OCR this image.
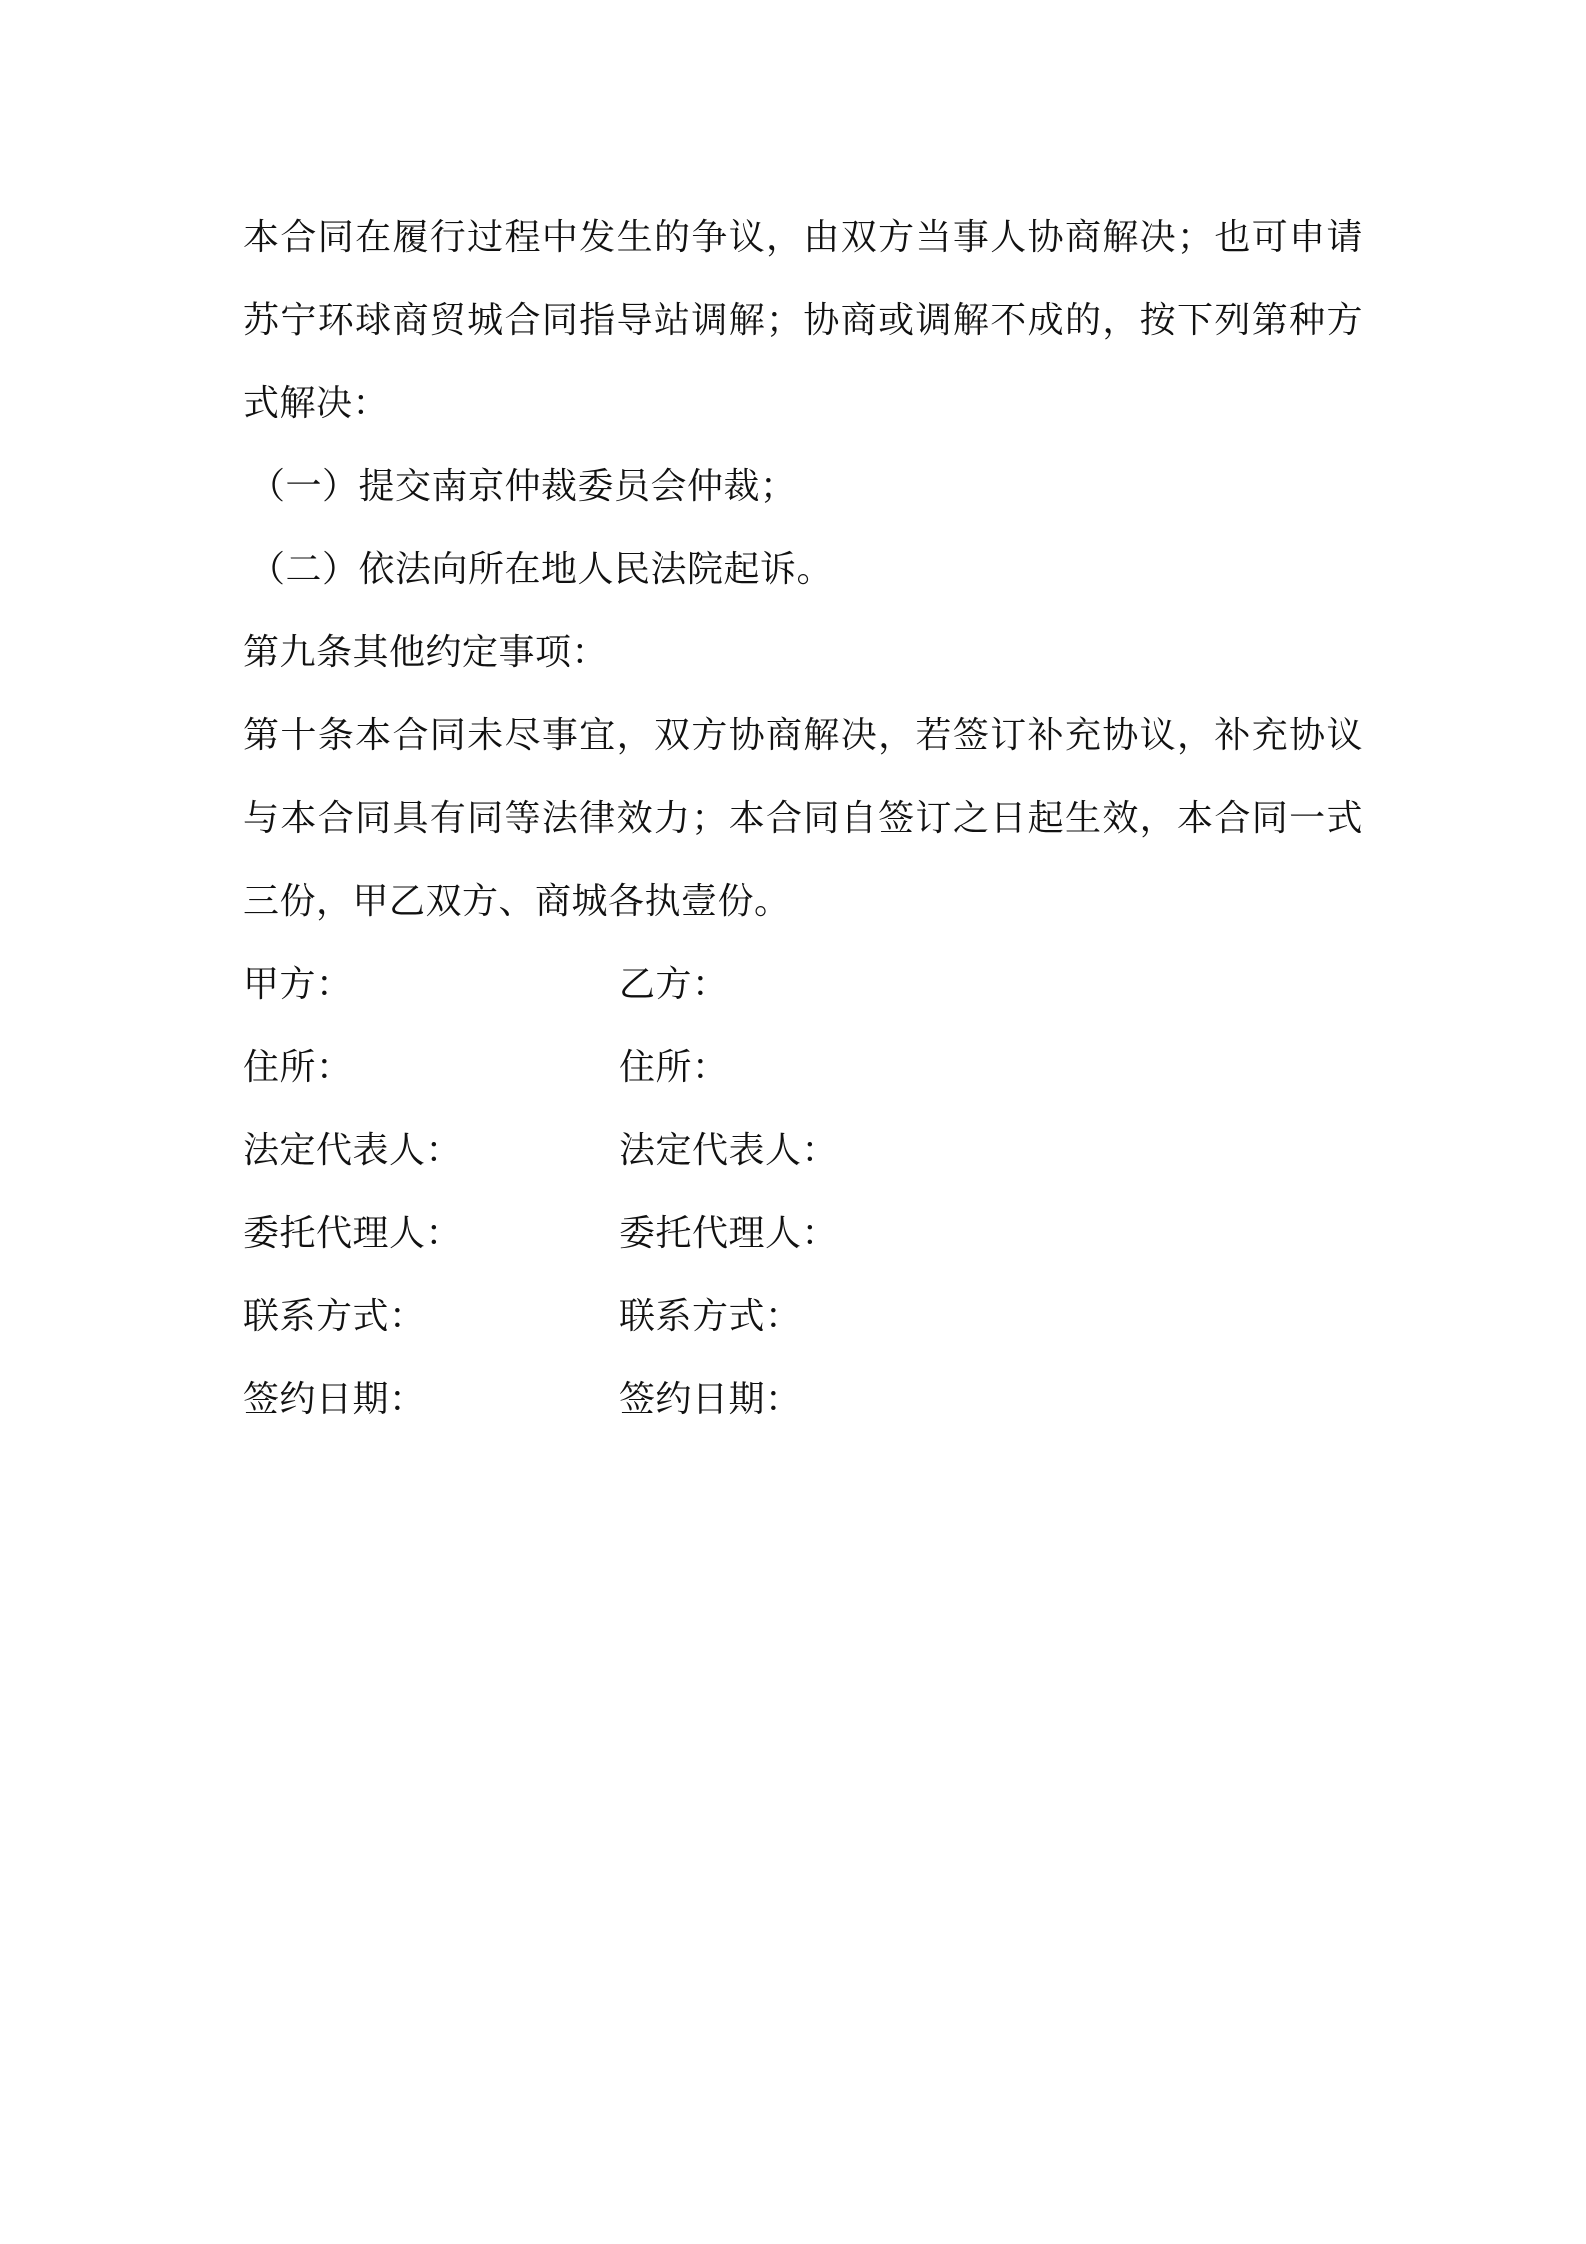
本合同在履行过程中发生的争议，由双方当事人协商解决；也可申请苏宁环球商贸城合同指导站调解；协商或调解不成的，按下列第种方式解决：

（一）提交南京仲裁委员会仲裁；

（二）依法向所在地人民法院起诉。

第九条其他约定事项：

第十条本合同未尽事宜，双方协商解决，若签订补充协议，补充协议与本合同具有同等法律效力；本合同自签订之日起生效，本合同一式三份，甲乙双方、商城各执壹份。

甲方：	乙方：
住所：	住所：
法定代表人：	法定代表人：
委托代理人：	委托代理人：
联系方式：	联系方式：
签约日期：	签约日期：
